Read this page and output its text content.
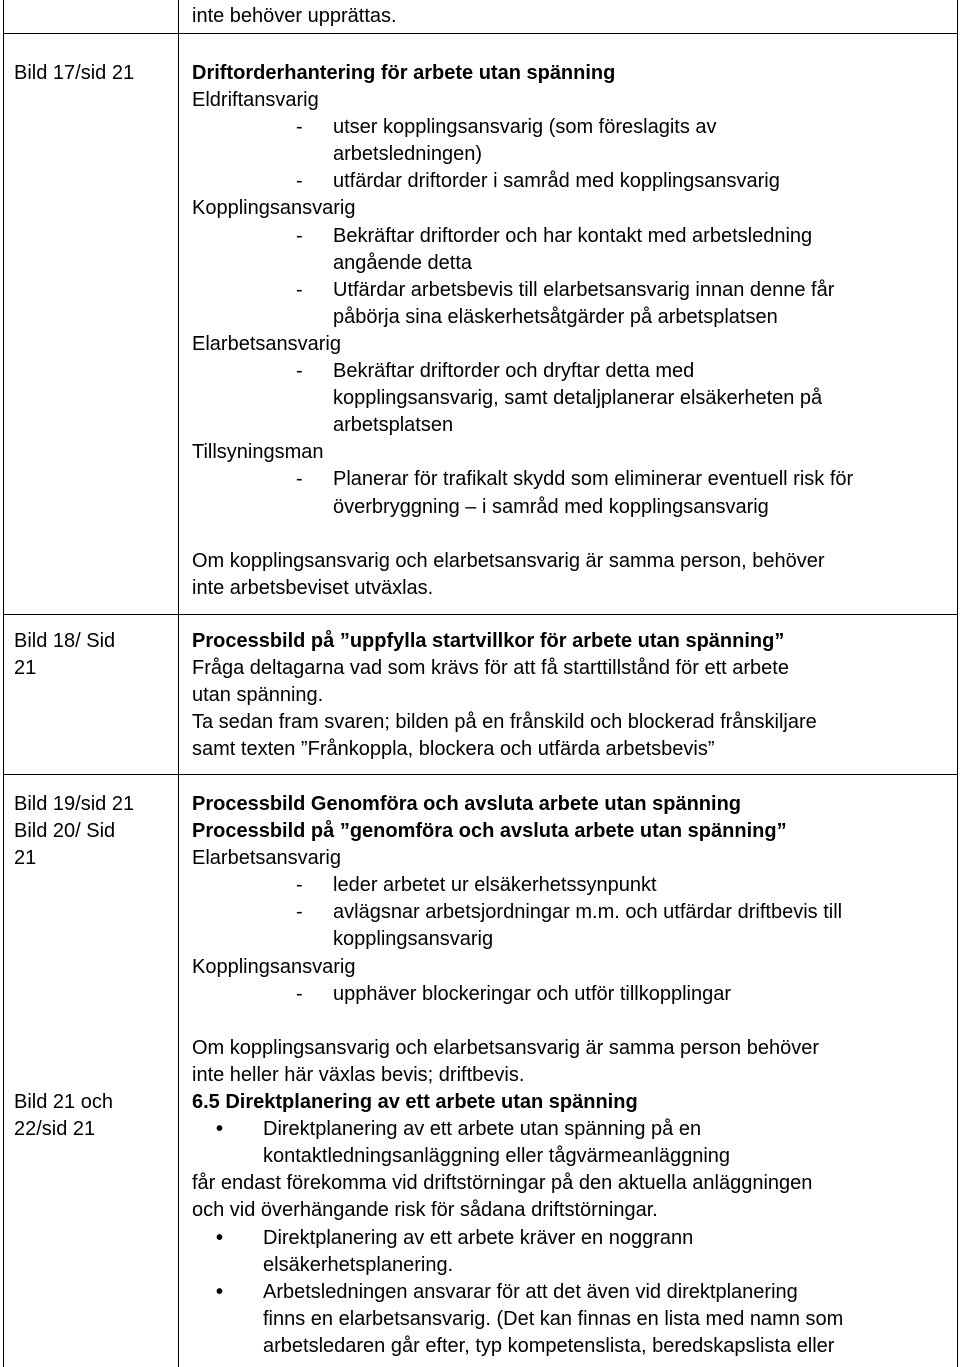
inte behöver upprättas.
Bild 17/sid 21	Driftorderhantering för arbete utan spänning
Eldriftansvarig
- utser kopplingsansvarig (som föreslagits av
arbetsledningen)
- utfärdar driftorder i samråd med kopplingsansvarig
Kopplingsansvarig
- Bekräftar driftorder och har kontakt med arbetsledning
angående detta
- Utfärdar arbetsbevis till elarbetsansvarig innan denne får
påbörja sina eläskerhetsåtgärder på arbetsplatsen
Elarbetsansvarig
- Bekräftar driftorder och dryftar detta med
kopplingsansvarig, samt detaljplanerar elsäkerheten på
arbetsplatsen
Tillsyningsman
- Planerar för trafikalt skydd som eliminerar eventuell risk för
överbryggning – i samråd med kopplingsansvarig
Om kopplingsansvarig och elarbetsansvarig är samma person, behöver
inte arbetsbeviset utväxlas.
Bild 18/ Sid
21
Processbild på ”uppfylla startvillkor för arbete utan spänning”
Fråga deltagarna vad som krävs för att få starttillstånd för ett arbete
utan spänning.
Ta sedan fram svaren; bilden på en frånskild och blockerad frånskiljare
samt texten ”Frånkoppla, blockera och utfärda arbetsbevis”
Bild 19/sid 21
Bild 20/ Sid
21
Bild 21 och
22/sid 21
Processbild Genomföra och avsluta arbete utan spänning
Processbild på ”genomföra och avsluta arbete utan spänning”
Elarbetsansvarig
- leder arbetet ur elsäkerhetssynpunkt
- avlägsnar arbetsjordningar m.m. och utfärdar driftbevis till
kopplingsansvarig
Kopplingsansvarig
- upphäver blockeringar och utför tillkopplingar
Om kopplingsansvarig och elarbetsansvarig är samma person behöver
inte heller här växlas bevis; driftbevis.
6.5 Direktplanering av ett arbete utan spänning
• Direktplanering av ett arbete utan spänning på en
kontaktledningsanläggning eller tågvärmeanläggning
får endast förekomma vid driftstörningar på den aktuella anläggningen
och vid överhängande risk för sådana driftstörningar.
• Direktplanering av ett arbete kräver en noggrann
elsäkerhetsplanering.
• Arbetsledningen ansvarar för att det även vid direktplanering
finns en elarbetsansvarig. (Det kan finnas en lista med namn som
arbetsledaren går efter, typ kompetenslista, beredskapslista eller
